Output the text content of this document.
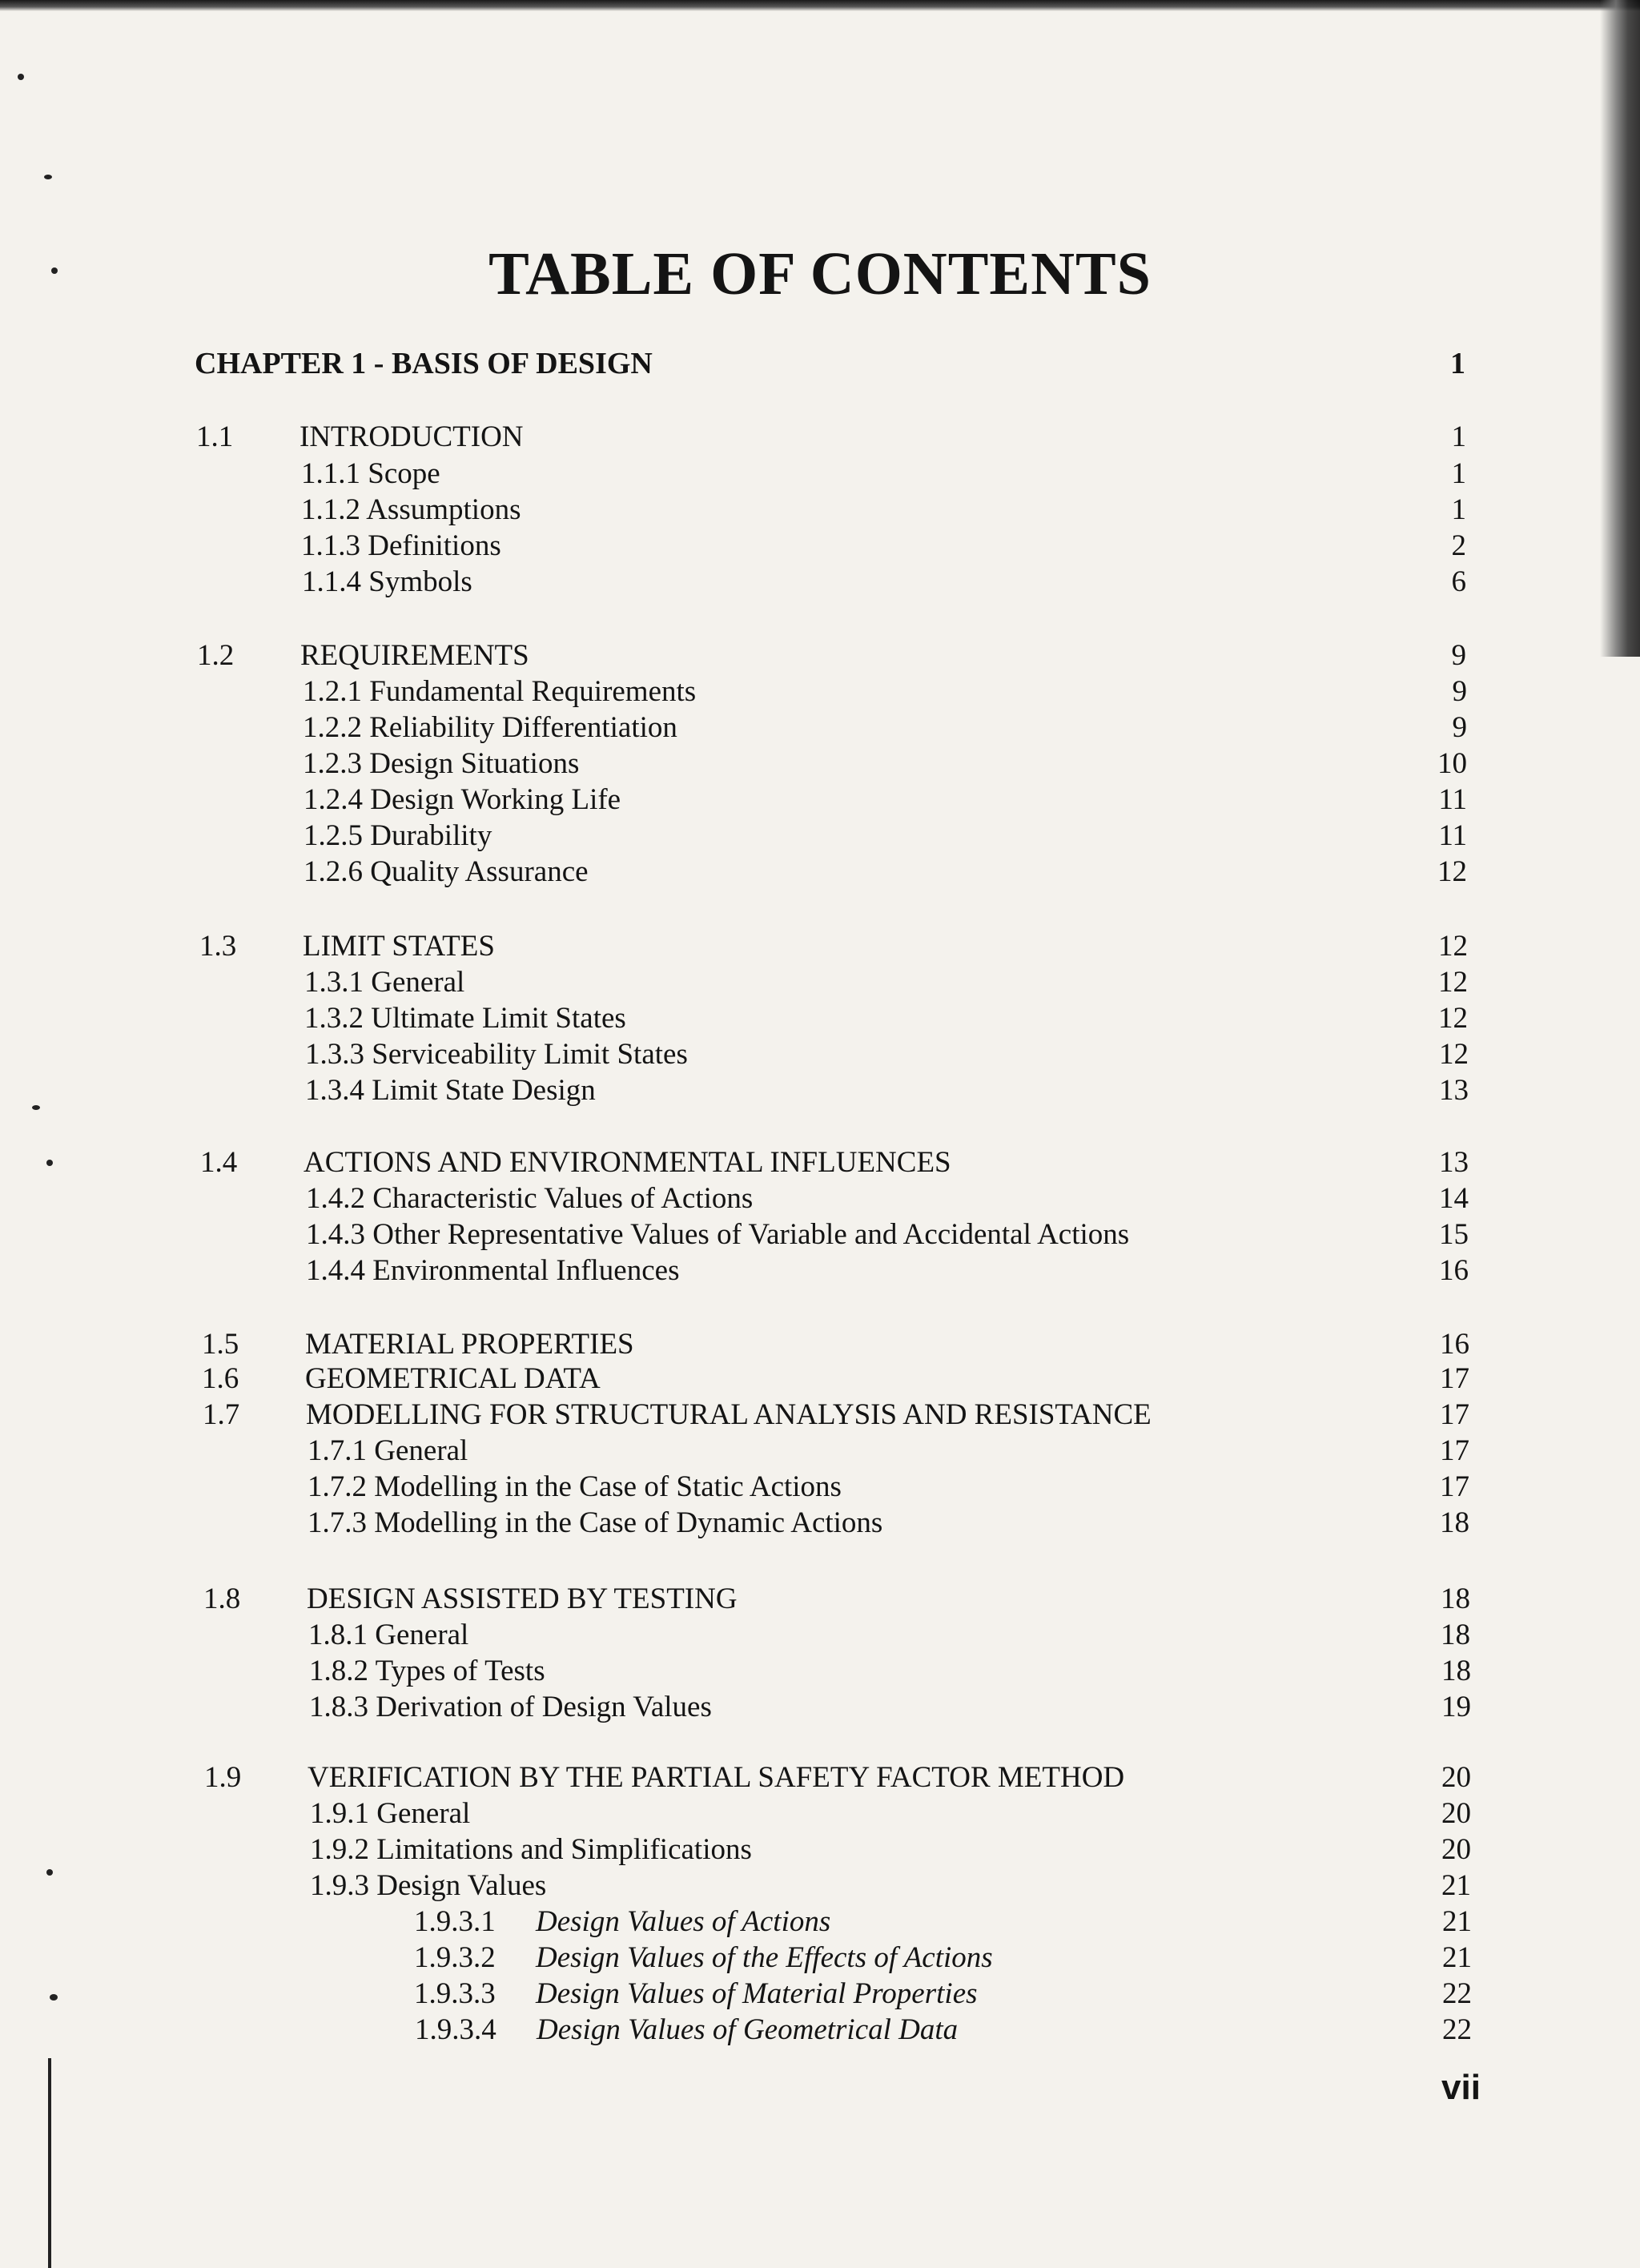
TABLE OF CONTENTS
CHAPTER 1 - BASIS OF DESIGN	1
1.1 INTRODUCTION	1
1.1.1 Scope	1
1.1.2 Assumptions	1
1.1.3 Definitions	2
1.1.4 Symbols	6
1.2 REQUIREMENTS	9
1.2.1 Fundamental Requirements	9
1.2.2 Reliability Differentiation	9
1.2.3 Design Situations	10
1.2.4 Design Working Life	11
1.2.5 Durability	11
1.2.6 Quality Assurance	12
1.3 LIMIT STATES	12
1.3.1 General	12
1.3.2 Ultimate Limit States	12
1.3.3 Serviceability Limit States	12
1.3.4 Limit State Design	13
1.4 ACTIONS AND ENVIRONMENTAL INFLUENCES	13
1.4.2 Characteristic Values of Actions	14
1.4.3 Other Representative Values of Variable and Accidental Actions	15
1.4.4 Environmental Influences	16
1.5 MATERIAL PROPERTIES	16
1.6 GEOMETRICAL DATA	17
1.7 MODELLING FOR STRUCTURAL ANALYSIS AND RESISTANCE	17
1.7.1 General	17
1.7.2 Modelling in the Case of Static Actions	17
1.7.3 Modelling in the Case of Dynamic Actions	18
1.8 DESIGN ASSISTED BY TESTING	18
1.8.1 General	18
1.8.2 Types of Tests	18
1.8.3 Derivation of Design Values	19
1.9 VERIFICATION BY THE PARTIAL SAFETY FACTOR METHOD	20
1.9.1 General	20
1.9.2 Limitations and Simplifications	20
1.9.3 Design Values	21
1.9.3.1 Design Values of Actions	21
1.9.3.2 Design Values of the Effects of Actions	21
1.9.3.3 Design Values of Material Properties	22
1.9.3.4 Design Values of Geometrical Data	22
vii
